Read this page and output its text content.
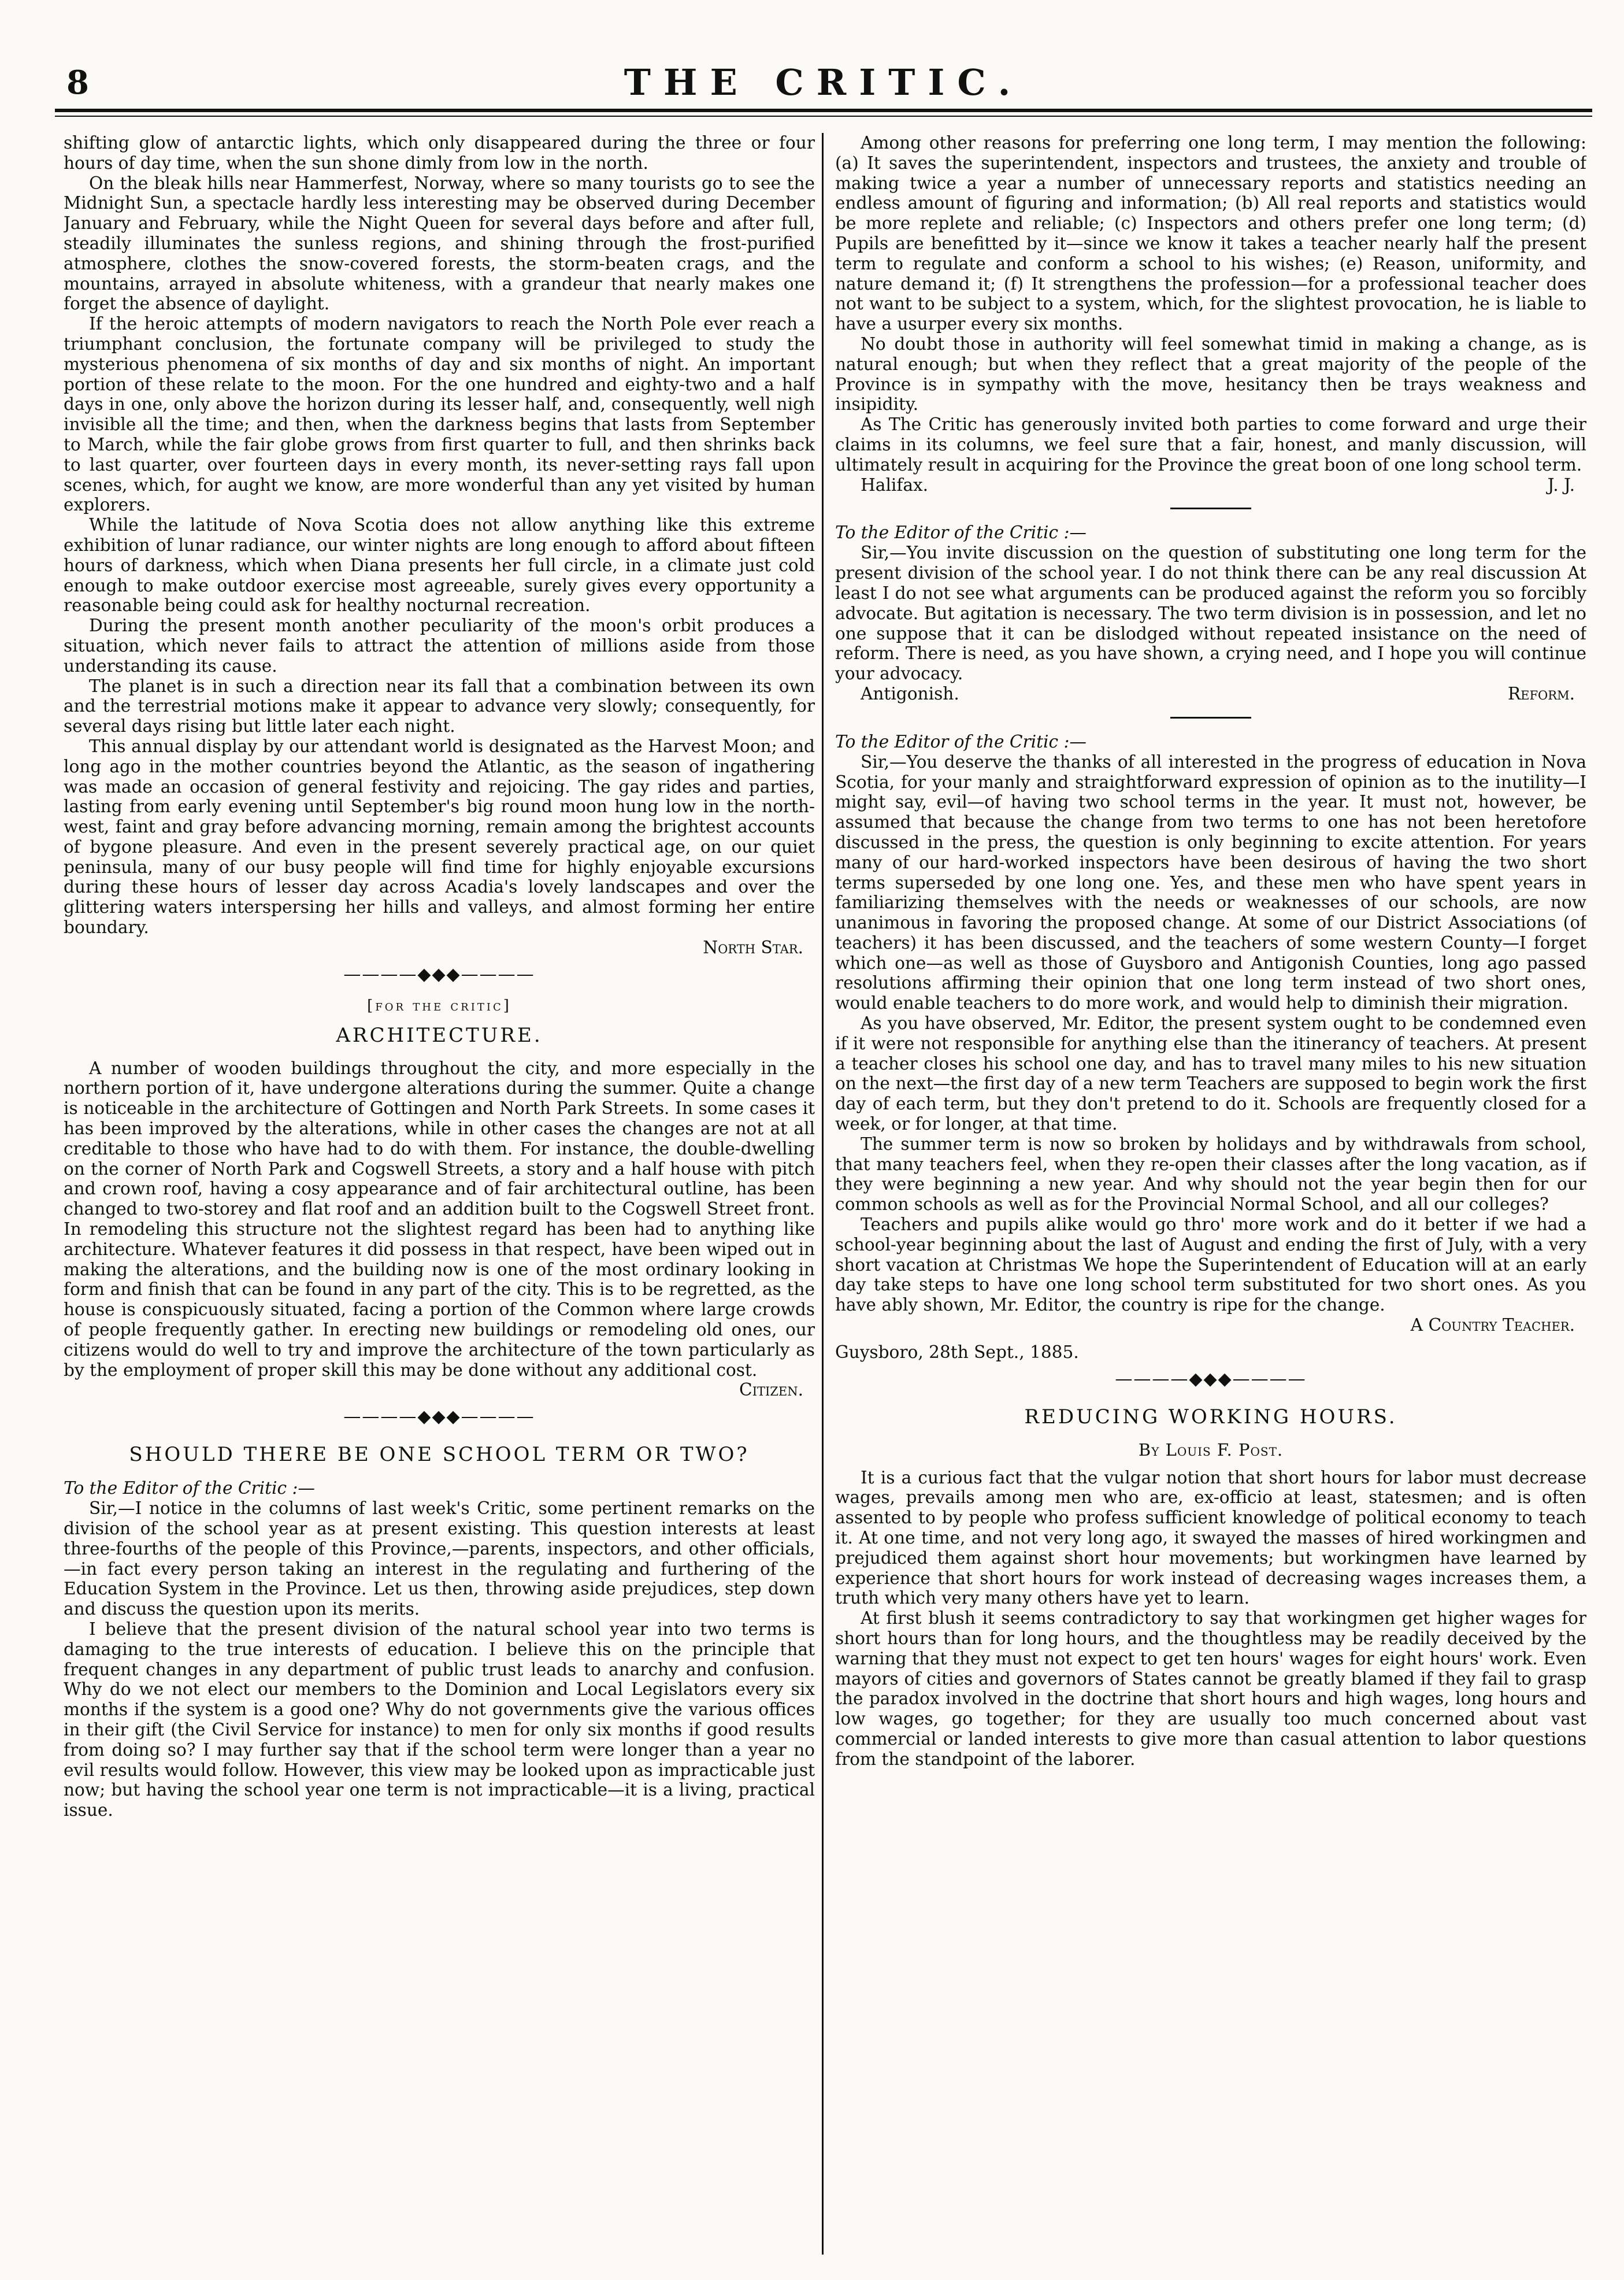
8	THE CRITIC.

shifting glow of antarctic lights, which only disappeared during the three or four hours of day time, when the sun shone dimly from low in the north.

On the bleak hills near Hammerfest, Norway, where so many tourists go to see the Midnight Sun, a spectacle hardly less interesting may be observed during December January and February, while the Night Queen for several days before and after full, steadily illuminates the sunless regions, and shining through the frost-purified atmosphere, clothes the snow-covered forests, the storm-beaten crags, and the mountains, arrayed in absolute whiteness, with a grandeur that nearly makes one forget the absence of daylight.

If the heroic attempts of modern navigators to reach the North Pole ever reach a triumphant conclusion, the fortunate company will be privileged to study the mysterious phenomena of six months of day and six months of night. An important portion of these relate to the moon. For the one hundred and eighty-two and a half days in one, only above the horizon during its lesser half, and, consequently, well nigh invisible all the time; and then, when the darkness begins that lasts from September to March, while the fair globe grows from first quarter to full, and then shrinks back to last quarter, over fourteen days in every month, its never-setting rays fall upon scenes, which, for aught we know, are more wonderful than any yet visited by human explorers.

While the latitude of Nova Scotia does not allow anything like this extreme exhibition of lunar radiance, our winter nights are long enough to afford about fifteen hours of darkness, which when Diana presents her full circle, in a climate just cold enough to make outdoor exercise most agreeable, surely gives every opportunity a reasonable being could ask for healthy nocturnal recreation.

During the present month another peculiarity of the moon's orbit produces a situation, which never fails to attract the attention of millions aside from those understanding its cause.

The planet is in such a direction near its fall that a combination between its own and the terrestrial motions make it appear to advance very slowly; consequently, for several days rising but little later each night.

This annual display by our attendant world is designated as the Harvest Moon; and long ago in the mother countries beyond the Atlantic, as the season of ingathering was made an occasion of general festivity and rejoicing. The gay rides and parties, lasting from early evening until September's big round moon hung low in the north-west, faint and gray before advancing morning, remain among the brightest accounts of bygone pleasure. And even in the present severely practical age, on our quiet peninsula, many of our busy people will find time for highly enjoyable excursions during these hours of lesser day across Acadia's lovely landscapes and over the glittering waters interspersing her hills and valleys, and almost forming her entire boundary.

North Star.
————◆◆◆————
[for the critic]
ARCHITECTURE.

A number of wooden buildings throughout the city, and more especially in the northern portion of it, have undergone alterations during the summer. Quite a change is noticeable in the architecture of Gottingen and North Park Streets. In some cases it has been improved by the alterations, while in other cases the changes are not at all creditable to those who have had to do with them. For instance, the double-dwelling on the corner of North Park and Cogswell Streets, a story and a half house with pitch and crown roof, having a cosy appearance and of fair architectural outline, has been changed to two-storey and flat roof and an addition built to the Cogswell Street front. In remodeling this structure not the slightest regard has been had to anything like architecture. Whatever features it did possess in that respect, have been wiped out in making the alterations, and the building now is one of the most ordinary looking in form and finish that can be found in any part of the city. This is to be regretted, as the house is conspicuously situated, facing a portion of the Common where large crowds of people frequently gather. In erecting new buildings or remodeling old ones, our citizens would do well to try and improve the architecture of the town particularly as by the employment of proper skill this may be done without any additional cost.

Citizen.
————◆◆◆————
SHOULD THERE BE ONE SCHOOL TERM OR TWO?
To the Editor of the Critic :—

Sir,—I notice in the columns of last week's Critic, some pertinent remarks on the division of the school year as at present existing. This question interests at least three-fourths of the people of this Province,—parents, inspectors, and other officials,—in fact every person taking an interest in the regulating and furthering of the Education System in the Province. Let us then, throwing aside prejudices, step down and discuss the question upon its merits.

I believe that the present division of the natural school year into two terms is damaging to the true interests of education. I believe this on the principle that frequent changes in any department of public trust leads to anarchy and confusion. Why do we not elect our members to the Dominion and Local Legislators every six months if the system is a good one? Why do not governments give the various offices in their gift (the Civil Service for instance) to men for only six months if good results from doing so? I may further say that if the school term were longer than a year no evil results would follow. However, this view may be looked upon as impracticable just now; but having the school year one term is not impracticable—it is a living, practical issue.

Among other reasons for preferring one long term, I may mention the following: (a) It saves the superintendent, inspectors and trustees, the anxiety and trouble of making twice a year a number of unnecessary reports and statistics needing an endless amount of figuring and information; (b) All real reports and statistics would be more replete and reliable; (c) Inspectors and others prefer one long term; (d) Pupils are benefitted by it—since we know it takes a teacher nearly half the present term to regulate and conform a school to his wishes; (e) Reason, uniformity, and nature demand it; (f) It strengthens the profession—for a professional teacher does not want to be subject to a system, which, for the slightest provocation, he is liable to have a usurper every six months.

No doubt those in authority will feel somewhat timid in making a change, as is natural enough; but when they reflect that a great majority of the people of the Province is in sympathy with the move, hesitancy then be trays weakness and insipidity.

As The Critic has generously invited both parties to come forward and urge their claims in its columns, we feel sure that a fair, honest, and manly discussion, will ultimately result in acquiring for the Province the great boon of one long school term.

Halifax.	J. J.
To the Editor of the Critic :—

Sir,—You invite discussion on the question of substituting one long term for the present division of the school year. I do not think there can be any real discussion At least I do not see what arguments can be produced against the reform you so forcibly advocate. But agitation is necessary. The two term division is in possession, and let no one suppose that it can be dislodged without repeated insistance on the need of reform. There is need, as you have shown, a crying need, and I hope you will continue your advocacy.

Antigonish.	Reform.
To the Editor of the Critic :—

Sir,—You deserve the thanks of all interested in the progress of education in Nova Scotia, for your manly and straightforward expression of opinion as to the inutility—I might say, evil—of having two school terms in the year. It must not, however, be assumed that because the change from two terms to one has not been heretofore discussed in the press, the question is only beginning to excite attention. For years many of our hard-worked inspectors have been desirous of having the two short terms superseded by one long one. Yes, and these men who have spent years in familiarizing themselves with the needs or weaknesses of our schools, are now unanimous in favoring the proposed change. At some of our District Associations (of teachers) it has been discussed, and the teachers of some western County—I forget which one—as well as those of Guysboro and Antigonish Counties, long ago passed resolutions affirming their opinion that one long term instead of two short ones, would enable teachers to do more work, and would help to diminish their migration.

As you have observed, Mr. Editor, the present system ought to be condemned even if it were not responsible for anything else than the itinerancy of teachers. At present a teacher closes his school one day, and has to travel many miles to his new situation on the next—the first day of a new term Teachers are supposed to begin work the first day of each term, but they don't pretend to do it. Schools are frequently closed for a week, or for longer, at that time.

The summer term is now so broken by holidays and by withdrawals from school, that many teachers feel, when they re-open their classes after the long vacation, as if they were beginning a new year. And why should not the year begin then for our common schools as well as for the Provincial Normal School, and all our colleges?

Teachers and pupils alike would go thro' more work and do it better if we had a school-year beginning about the last of August and ending the first of July, with a very short vacation at Christmas We hope the Superintendent of Education will at an early day take steps to have one long school term substituted for two short ones. As you have ably shown, Mr. Editor, the country is ripe for the change.

A Country Teacher.
Guysboro, 28th Sept., 1885.
————◆◆◆————
REDUCING WORKING HOURS.
By Louis F. Post.

It is a curious fact that the vulgar notion that short hours for labor must decrease wages, prevails among men who are, ex-officio at least, statesmen; and is often assented to by people who profess sufficient knowledge of political economy to teach it. At one time, and not very long ago, it swayed the masses of hired workingmen and prejudiced them against short hour movements; but workingmen have learned by experience that short hours for work instead of decreasing wages increases them, a truth which very many others have yet to learn.

At first blush it seems contradictory to say that workingmen get higher wages for short hours than for long hours, and the thoughtless may be readily deceived by the warning that they must not expect to get ten hours' wages for eight hours' work. Even mayors of cities and governors of States cannot be greatly blamed if they fail to grasp the paradox involved in the doctrine that short hours and high wages, long hours and low wages, go together; for they are usually too much concerned about vast commercial or landed interests to give more than casual attention to labor questions from the standpoint of the laborer.
